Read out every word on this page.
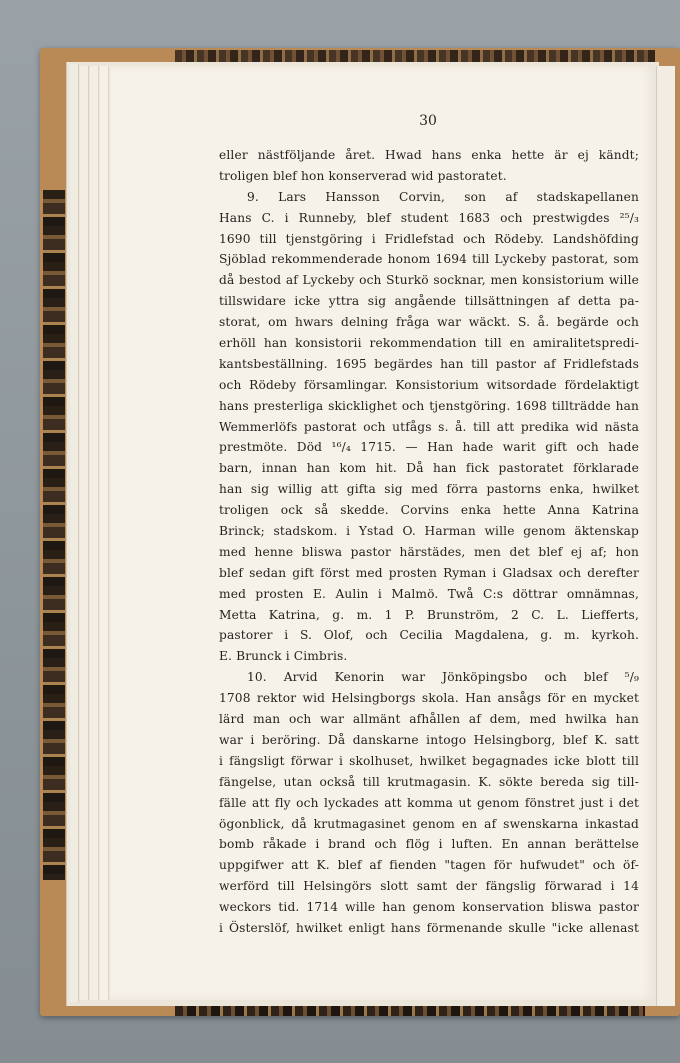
30
eller nästföljande året. Hwad hans enka hette är ej kändt;
troligen blef hon konserverad wid pastoratet.
9. Lars Hansson Corvin, son af stadskapellanen
Hans C. i Runneby, blef student 1683 och prestwigdes ²⁵/₃
1690 till tjenstgöring i Fridlefstad och Rödeby. Landshöfding
Sjöblad rekommenderade honom 1694 till Lyckeby pastorat, som
då bestod af Lyckeby och Sturkö socknar, men konsistorium wille
tillswidare icke yttra sig angående tillsättningen af detta pa-
storat, om hwars delning fråga war wäckt. S. å. begärde och
erhöll han konsistorii rekommendation till en amiralitetspredi-
kantsbeställning. 1695 begärdes han till pastor af Fridlefstads
och Rödeby församlingar. Konsistorium witsordade fördelaktigt
hans presterliga skicklighet och tjenstgöring. 1698 tillträdde han
Wemmerlöfs pastorat och utfågs s. å. till att predika wid nästa
prestmöte. Död ¹⁶/₄ 1715. — Han hade warit gift och hade
barn, innan han kom hit. Då han fick pastoratet förklarade
han sig willig att gifta sig med förra pastorns enka, hwilket
troligen ock så skedde. Corvins enka hette Anna Katrina
Brinck; stadskom. i Ystad O. Harman wille genom äktenskap
med henne bliswa pastor härstädes, men det blef ej af; hon
blef sedan gift först med prosten Ryman i Gladsax och derefter
med prosten E. Aulin i Malmö. Twå C:s döttrar omnämnas,
Metta Katrina, g. m. 1 P. Brunström, 2 C. L. Liefferts,
pastorer i S. Olof, och Cecilia Magdalena, g. m. kyrkoh.
E. Brunck i Cimbris.
10. Arvid Kenorin war Jönköpingsbo och blef ⁵/₉
1708 rektor wid Helsingborgs skola. Han ansågs för en mycket
lärd man och war allmänt afhållen af dem, med hwilka han
war i beröring. Då danskarne intogo Helsingborg, blef K. satt
i fängsligt förwar i skolhuset, hwilket begagnades icke blott till
fängelse, utan också till krutmagasin. K. sökte bereda sig till-
fälle att fly och lyckades att komma ut genom fönstret just i det
ögonblick, då krutmagasinet genom en af swenskarna inkastad
bomb råkade i brand och flög i luften. En annan berättelse
uppgifwer att K. blef af fienden "tagen för hufwudet" och öf-
werförd till Helsingörs slott samt der fängslig förwarad i 14
weckors tid. 1714 wille han genom konservation bliswa pastor
i Österslöf, hwilket enligt hans förmenande skulle "icke allenast
